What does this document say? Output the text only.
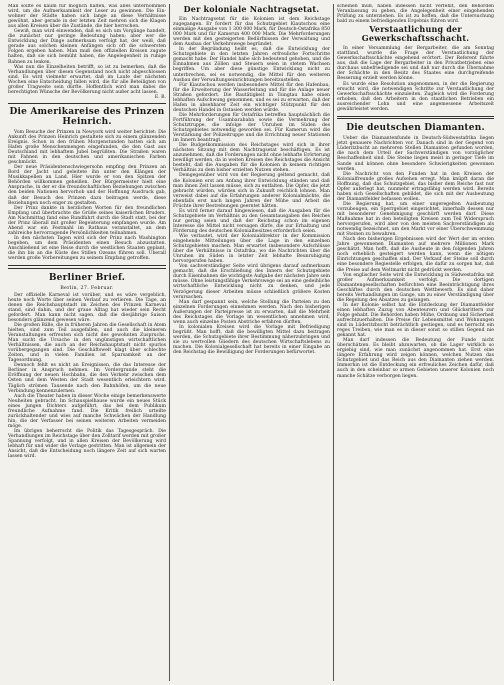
Man sollte es kaum für möglich halten, was alles unternommen wird, um die Aufmerksamkeit der Leser zu gewinnen. Die Ein- wohner der Städte haben sich lange an diese Verhältnisse gewöhnt, aber gerade in der letzten Zeit mehren sich die Klagen aus allen Kreisen über die Zustände, die hier herrschen.

Gewiß, man wird einwenden, daß es sich um Vorgänge handelt, die zunächst nur geringe Bedeutung haben; aber wer die Entwicklung der Dinge aufmerksam verfolgt hat, der weiß, daß gerade aus solchen kleinen Anfängen sich oft die schwersten Folgen ergeben haben. Man muß den offiziellen Kreisen zugute halten, daß sie sich bemüht haben, die Angelegenheit in ruhige Bahnen zu lenken.

Was nun die Einzelheiten betrifft, so ist zu bemerken, daß die Verhandlungen über diesen Gegenstand noch nicht abgeschlossen sind. Es wird vielmehr erwartet, daß im Laufe der nächsten Wochen eine Entscheidung fallen wird, die für alle Beteiligten von großer Tragweite sein dürfte. Hoffentlich wird man dabei die berechtigten Wünsche der Bevölkerung nicht außer acht lassen.

E. B.
Die Amerikareise des Prinzen Heinrich.

Vom Besuche der Prinzen in Newyork wird weiter berichtet: Die Ankunft des Prinzen Heinrich gestaltete sich zu einem glänzenden Ereignis. Schon in den frühen Morgenstunden hatten sich am Hafen große Menschenmengen eingefunden, die den Gast aus Deutschland mit lebhaftem Jubel begrüßten. Die Straßen waren mit Fahnen in den deutschen und amerikanischen Farben geschmückt.

Der neue Präsidentenschwiegersohn empfing den Prinzen an Bord der Jacht und geleitete ihn unter den Klängen der Musikkapellen an Land. Hier wurde er von den Spitzen der Behörden willkommen geheißen. Der Bürgermeister hielt eine Ansprache, in der er die freundschaftlichen Beziehungen zwischen den beiden Nationen hervorhob und der Hoffnung Ausdruck gab, daß der Besuch des Prinzen dazu beitragen werde, diese Beziehungen noch enger zu gestalten.

Der Prinz dankte in herzlichen Worten für den freundlichen Empfang und überbrachte die Grüße seines kaiserlichen Bruders. Am Nachmittag fand eine Rundfahrt durch die Stadt statt, bei der der Prinz überall mit großer Begeisterung empfangen wurde. Am Abend war ein Festmahl im Rathaus veranstaltet, an dem zahlreiche hervorragende Persönlichkeiten teilnahmen.

In den nächsten Tagen wird sich der Prinz nach Washington begeben, um dem Präsidenten einen Besuch abzustatten. Anschließend ist eine Reise durch die westlichen Staaten geplant, die ihn bis an die Küste des Stillen Ozeans führen soll. Überall werden große Vorbereitungen zu seinem Empfang getroffen.

Berliner Brief.
Berlin, 27. Februar.

Der offizielle Karneval ist vorüber, und es wäre vergeblich, heute noch Worte über seinen Verlauf zu verlieren. Die Tage, an denen die Reichshauptstadt im Zeichen des Prinzen Karneval stand, sind dahin, und der graue Alltag hat wieder sein Recht gefordert. Man kann nicht sagen, daß die diesjährige Saison besonders glänzend gewesen wäre.

Die großen Bälle, die in früheren Jahren die Gesellschaft in Atem hielten, sind zum Teil ausgefallen, und auch die kleineren Veranstaltungen erfreuten sich nicht des gewohnten Zuspruchs. Man sucht die Ursache in den ungünstigen wirtschaftlichen Verhältnissen, die auch an der Reichshauptstadt nicht spurlos vorübergegangen sind. Die Geschäftswelt klagt über schlechte Zeiten, und in vielen Familien ist Sparsamkeit an der Tagesordnung.

Dennoch fehlt es nicht an Ereignissen, die das Interesse der Berliner in Anspruch nehmen. Im Vordergrunde steht die Eröffnung der neuen Hochbahn, die den Verkehr zwischen dem Osten und dem Westen der Stadt wesentlich erleichtern wird. Täglich strömen Tausende nach den Bahnhöfen, um die neue Verbindung kennenzulernen.

Auch die Theater haben in dieser Woche einige bemerkenswerte Neuheiten gebracht. Im Schauspielhause wurde ein neues Stück eines jungen Dichters aufgeführt, das bei dem Publikum freundliche Aufnahme fand. Die Kritik freilich urteilte zurückhaltender und wies auf manche Schwächen der Handlung hin, die der Verfasser bei seinen weiteren Arbeiten vermeiden möge.

Im übrigen beherrscht die Politik das Tagesgespräch. Die Verhandlungen im Reichstage über den Zolltarif werden mit großer Spannung verfolgt, und in allen Kreisen der Bevölkerung wird lebhaft für und wider die Vorlage gestritten. Man ist allgemein der Ansicht, daß die Entscheidung noch längere Zeit auf sich warten lassen wird.

Der koloniale Nachtragsetat.

Ein Nachtragsetat für die Kolonien ist dem Reichstage zugegangen. Er fordert für das Schutzgebiet Kiautschou eine einmalige Ausgabe von 1 300 000 Mark, für Deutsch-Ostafrika 850 000 Mark und für Kamerun 400 000 Mark. Die Mehrforderungen werden mit den gesteigerten Bedürfnissen der Verwaltung und dem Ausbau der Verkehrswege begründet.

In der Begründung heißt es, daß die Entwicklung der Schutzgebiete in den letzten Jahren erfreuliche Fortschritte gemacht habe. Der Handel habe sich bedeutend gehoben, und die Einnahmen aus Zöllen und Steuern seien in stetem Wachsen begriffen. Um aber diese günstige Entwicklung nicht zu unterbrechen, sei es notwendig, die Mittel für den weiteren Ausbau der Verwaltungseinrichtungen bereitzustellen.

Für Kiautschou werden insbesondere Mittel für den Hafenbau, für die Erweiterung der Wasserleitung und für die Anlage neuer Straßen gefordert. Die Bautätigkeit in Tsingtau habe einen lebhaften Aufschwung genommen, und es sei zu erwarten, daß der Hafen in absehbarer Zeit ein wichtiger Stützpunkt für den deutschen Handel in Ostasien werden würde.

Die Mehrforderungen für Ostafrika betreffen hauptsächlich die Fortführung der Usambarabahn sowie die Vermehrung der Schutztruppe, die infolge der Unruhen im Süden des Schutzgebietes notwendig geworden sei. Für Kamerun wird die Verstärkung der Polizeitruppe und die Errichtung neuer Stationen im Innern beantragt.

Die Budgetkommission des Reichstages wird sich in ihrer nächsten Sitzung mit dem Nachtragsetat beschäftigen. Es ist anzunehmen, daß die Forderungen nicht ohne lebhafte Erörterung bewilligt werden, da in weiten Kreisen des Reichstages die Ansicht besteht, daß die Ausgaben für die Kolonien in keinem richtigen Verhältnis zu dem bisher erzielten Nutzen stehen.

Demgegenüber wird von der Regierung geltend gemacht, daß die Kolonien erst am Anfang ihrer Entwicklung ständen und daß man ihnen Zeit lassen müsse, sich zu entfalten. Die Opfer, die jetzt gebracht würden, würden sich in Zukunft reichlich lohnen. Man verweist dabei auf die Erfahrungen anderer Kolonialmächte, die ebenfalls erst nach langen Jahren der Mühe und Arbeit die Früchte ihrer Bestrebungen geerntet hätten.

Es wird ferner darauf hingewiesen, daß die Ausgaben für die Schutzgebiete im Verhältnis zu den Gesamtausgaben des Reiches nur gering seien und daß der Reichstag schon im eigenen Interesse die Mittel nicht versagen dürfe, die zur Erhaltung und Förderung des deutschen Kolonialbesitzes erforderlich seien.

Wie verlautet, wird der Kolonialdirektor in der Kommission eingehende Mitteilungen über die Lage in den einzelnen Schutzgebieten machen. Man erwartet insbesondere Aufschlüsse über die Verhältnisse in Ostafrika, wo die Nachrichten über die Unruhen im Süden in letzter Zeit lebhafte Beunruhigung hervorgerufen haben.

Von sachverständiger Seite wird übrigens darauf aufmerksam gemacht, daß die Erschließung des Innern der Schutzgebiete durch Eisenbahnen die wichtigste Aufgabe der nächsten Jahre sein müsse. Ohne leistungsfähige Verkehrswege sei an eine gedeihliche wirtschaftliche Entwicklung nicht zu denken, und jede Verzögerung dieser Arbeiten müsse schließlich größere Kosten verursachen.

Man darf gespannt sein, welche Stellung die Parteien zu den einzelnen Forderungen einnehmen werden. Nach den bisherigen Äußerungen der Parteipresse ist zu erwarten, daß die Mehrheit des Reichstages die Vorlage im wesentlichen annehmen wird, wenn auch einzelne Posten Abstriche erfahren dürften.

In kolonialen Kreisen wird die Vorlage mit Befriedigung begrüßt. Man hofft, daß die bewilligten Mittel dazu beitragen werden, die Schutzgebiete ihrer Bestimmung näherzubringen und sie zu wertvollen Gliedern des deutschen Wirtschaftslebens zu machen. Die Kolonialgesellschaft hat bereits in einer Eingabe an den Reichstag die Bewilligung der Forderungen befürwortet.

scheinen muß, haben indessen nicht verfehlt, den Behörden Veranlassung zu geben, die Angelegenheit einer eingehenden Prüfung zu unterziehen. Es ist zu hoffen, daß die Untersuchung bald zu einem befriedigenden Ergebnis führen wird.

Verstaatlichung der Gewerkschaftsschacht.

In einer Versammlung der Bergarbeiter, die am Sonntag stattfand, wurde die Frage der Verstaatlichung der Gewerkschaftsschächte eingehend erörtert. Der Referent führte aus, daß die Lage der Bergarbeiter in den Privatbetrieben eine durchaus unbefriedigende sei und daß nur durch die Übernahme der Schächte in den Besitz des Staates eine durchgreifende Besserung erzielt werden könne.

Es wurde eine Resolution angenommen, in der die Regierung ersucht wird, die notwendigen Schritte zur Verstaatlichung der Gewerkschaftsschächte einzuleiten. Zugleich wird die Forderung erhoben, daß den Arbeitern in den staatlichen Betrieben ein ausreichender Lohn und eine angemessene Arbeitszeit gewährleistet werden.

Die deutschen Diamanten.

Ueber die Diamantenfunde in Deutsch-Südwestafrika liegen jetzt genauere Nachrichten vor. Danach sind in der Gegend von Lüderitzbucht an mehreren Stellen Diamanten gefunden worden, die nach dem Urteil der Sachverständigen von vorzüglicher Beschaffenheit sind. Die Steine liegen meist in geringer Tiefe im Sande und können ohne besondere Schwierigkeiten gewonnen werden.

Die Nachricht von den Funden hat in den Kreisen der Kolonialfreunde großes Aufsehen erregt. Man knüpft daran die Hoffnung, daß das Schutzgebiet, das bisher dem Reiche fast nur Opfer auferlegt hat, nunmehr ertragsfähig werden wird. Bereits haben sich Gesellschaften gebildet, die sich mit der Ausbeutung der Diamantfelder befassen wollen.

Die Regierung hat, um einer ungeregelten Ausbeutung vorzubeugen, ein Sperrgebiet eingerichtet, innerhalb dessen nur mit besonderer Genehmigung geschürft werden darf. Diese Maßnahme hat in den beteiligten Kreisen zum Teil Widerspruch hervorgerufen, wird aber von den meisten Sachverständigen als notwendig bezeichnet, um den Markt vor einer Überschwemmung mit Steinen zu bewahren.

Nach den bisherigen Ergebnissen wird der Wert der im ersten Jahre gewonnenen Diamanten auf mehrere Millionen Mark geschätzt. Man hofft, daß die Ausbeute in den folgenden Jahren noch erheblich gesteigert werden kann, wenn die nötigen Einrichtungen geschaffen sind. Der Verkauf der Steine soll durch eine besondere Regiestelle erfolgen, die dafür zu sorgen hat, daß die Preise auf dem Weltmarkt nicht gedrückt werden.

Von englischer Seite wird die Entwicklung in Südwestafrika mit großer Aufmerksamkeit verfolgt. Die dortigen Diamantengesellschaften befürchten eine Beeinträchtigung ihres Geschäftes durch den deutschen Wettbewerb. Es sind daher bereits Verhandlungen im Gange, um zu einer Verständigung über die Regelung des Absatzes zu gelangen.

In der Kolonie selbst hat die Entdeckung der Diamantfelder einen lebhaften Zuzug von Abenteurern und Glücksrittern zur Folge gehabt. Die Behörden haben Mühe, Ordnung und Sicherheit aufrechtzuerhalten. Die Preise für Lebensmittel und Wohnungen sind in Lüderitzbucht beträchtlich gestiegen, und es herrscht ein reges Treiben, wie man es in dieser sonst so stillen Gegend nie gekannt hat.

Man darf indessen die Bedeutung der Funde nicht überschätzen. Es bleibt abzuwarten, ob die Lager wirklich so ergiebig sind, wie man zunächst angenommen hat. Erst eine längere Erfahrung wird zeigen können, welchen Nutzen das Schutzgebiet und das Reich aus den Diamanten ziehen werden. Immerhin ist die Entdeckung ein erfreuliches Zeichen dafür, daß auch in den scheinbar so armen Gebieten unserer Kolonien noch manche Schätze verborgen liegen.
